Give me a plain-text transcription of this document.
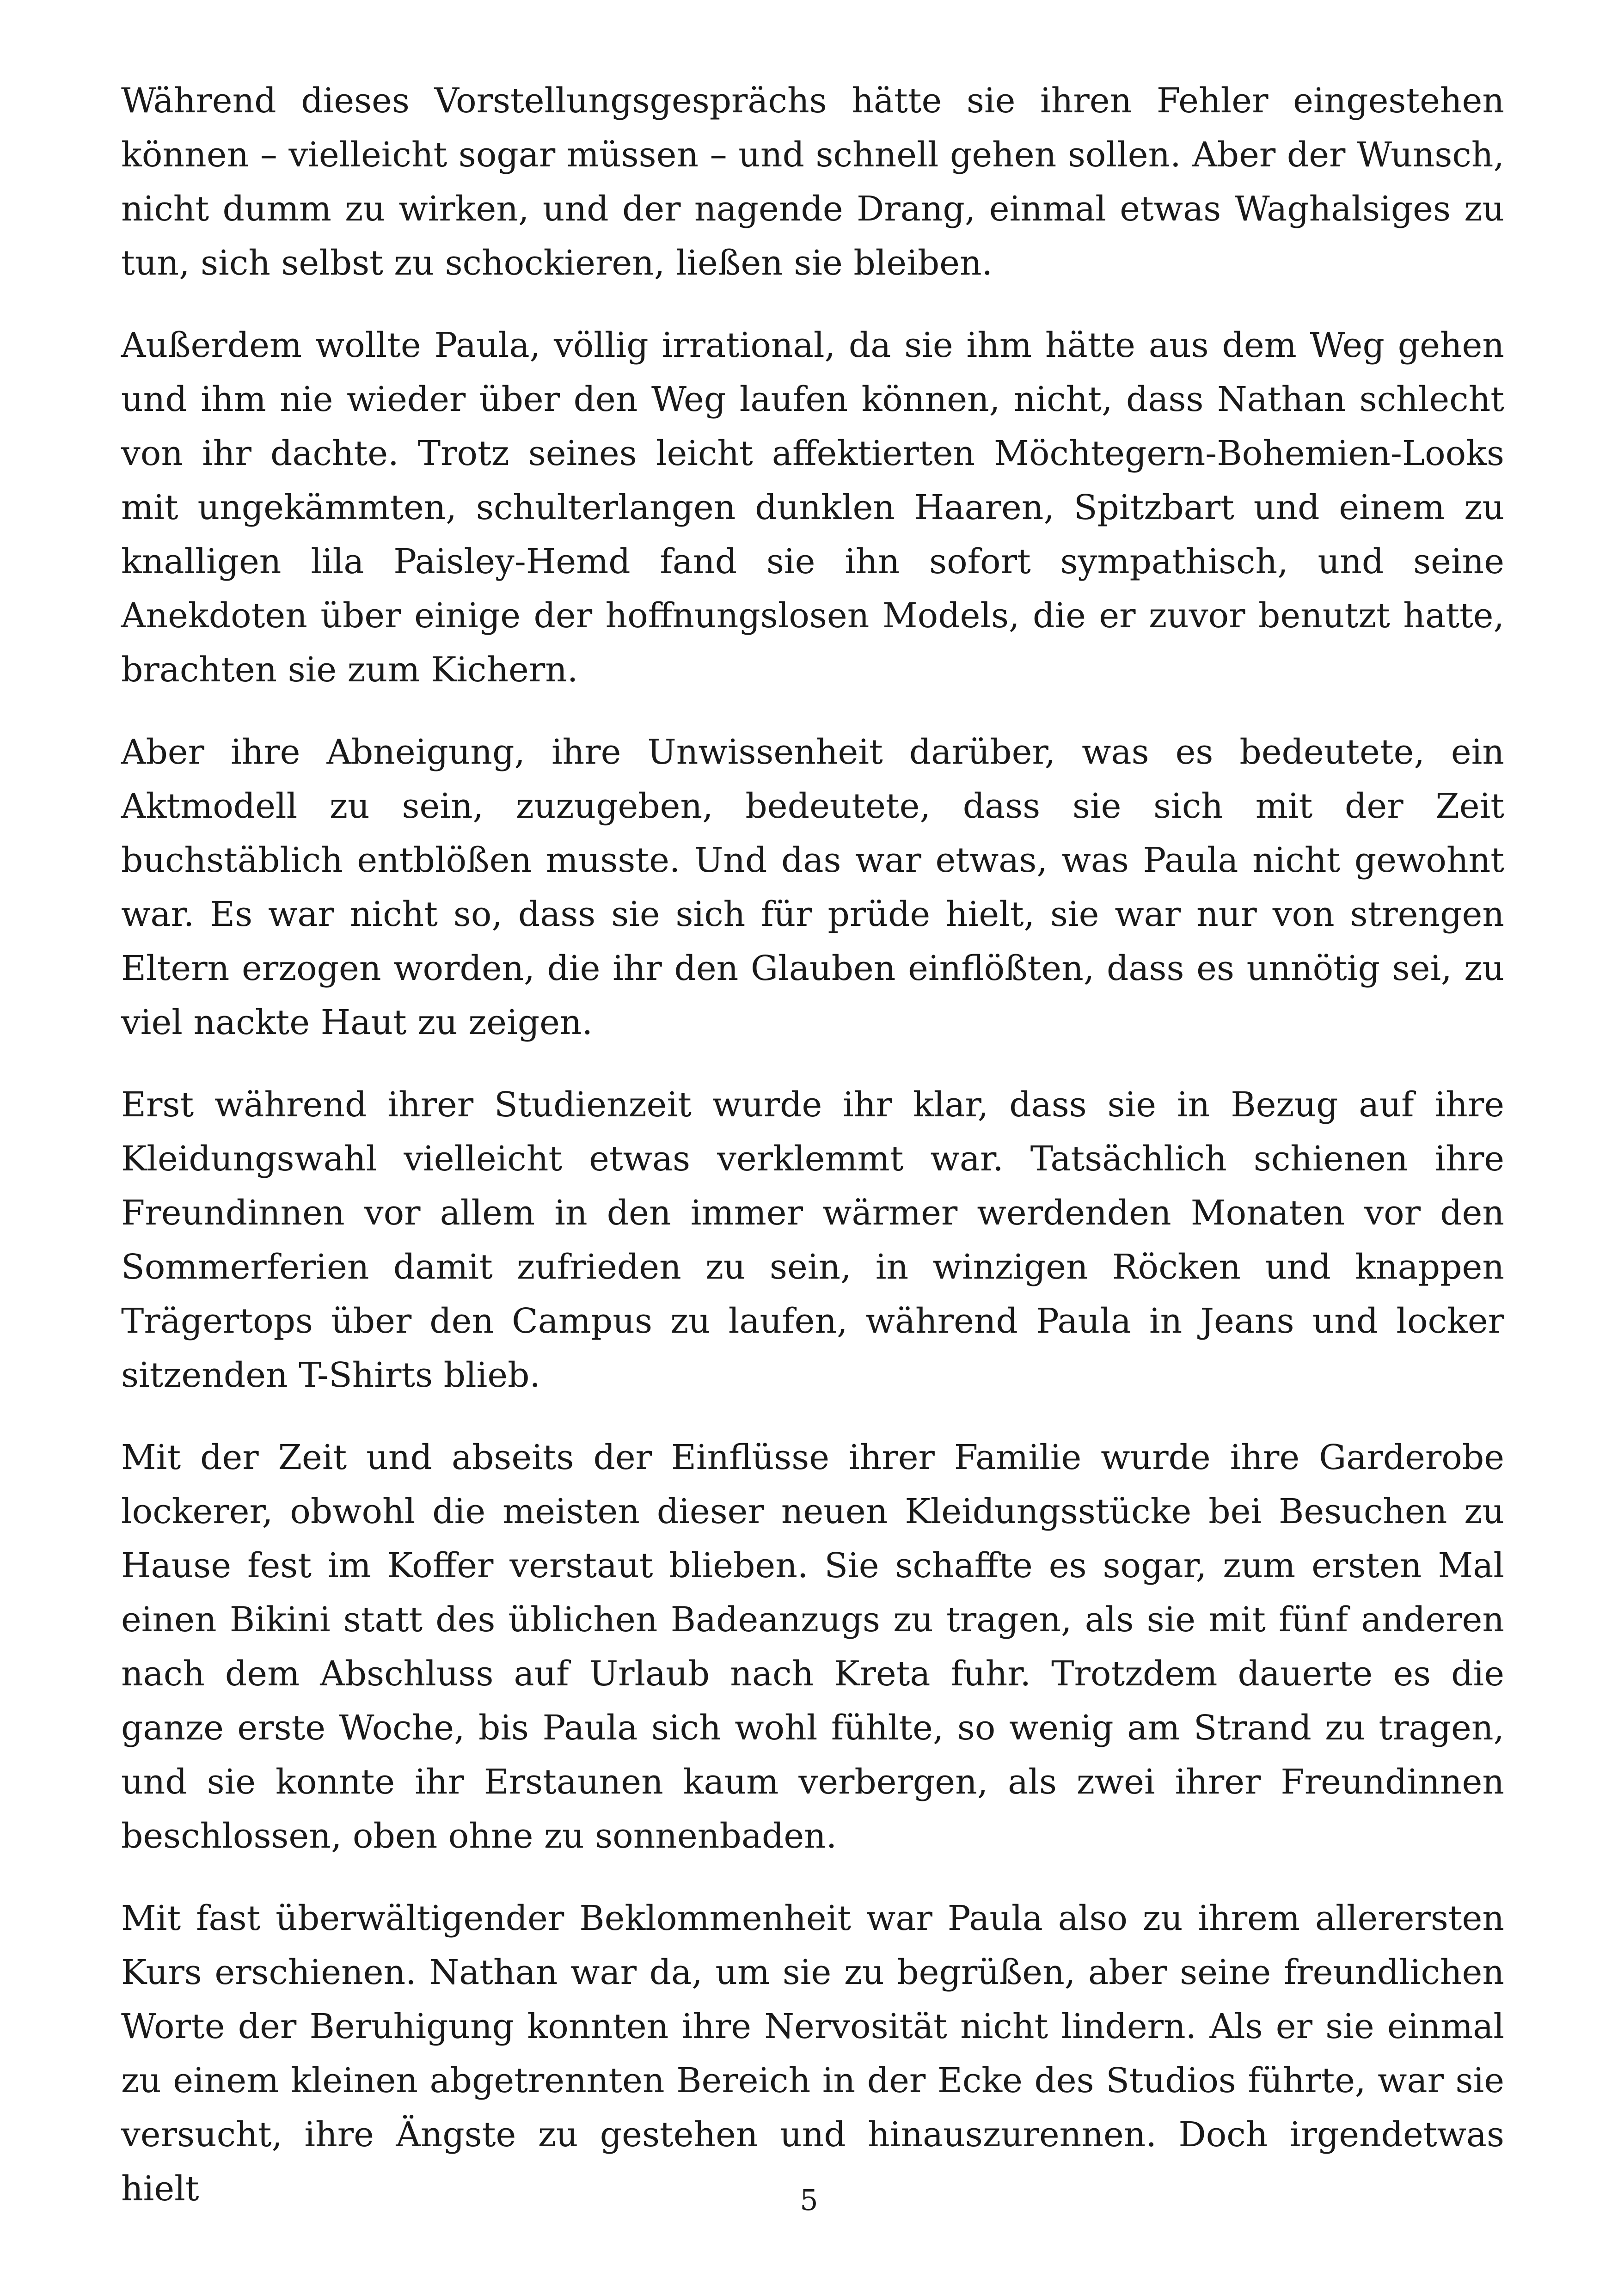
Während dieses Vorstellungsgesprächs hätte sie ihren Fehler eingestehen können – vielleicht sogar müssen – und schnell gehen sollen. Aber der Wunsch, nicht dumm zu wirken, und der nagende Drang, einmal etwas Waghalsiges zu tun, sich selbst zu schockieren, ließen sie bleiben.

Außerdem wollte Paula, völlig irrational, da sie ihm hätte aus dem Weg gehen und ihm nie wieder über den Weg laufen können, nicht, dass Nathan schlecht von ihr dachte. Trotz seines leicht affektierten Möchtegern-Bohemien-Looks mit ungekämmten, schulterlangen dunklen Haaren, Spitzbart und einem zu knalligen lila Paisley-Hemd fand sie ihn sofort sympathisch, und seine Anekdoten über einige der hoffnungslosen Models, die er zuvor benutzt hatte, brachten sie zum Kichern.

Aber ihre Abneigung, ihre Unwissenheit darüber, was es bedeutete, ein Aktmodell zu sein, zuzugeben, bedeutete, dass sie sich mit der Zeit buchstäblich entblößen musste. Und das war etwas, was Paula nicht gewohnt war. Es war nicht so, dass sie sich für prüde hielt, sie war nur von strengen Eltern erzogen worden, die ihr den Glauben einflößten, dass es unnötig sei, zu viel nackte Haut zu zeigen.

Erst während ihrer Studienzeit wurde ihr klar, dass sie in Bezug auf ihre Kleidungswahl vielleicht etwas verklemmt war. Tatsächlich schienen ihre Freundinnen vor allem in den immer wärmer werdenden Monaten vor den Sommerferien damit zufrieden zu sein, in winzigen Röcken und knappen Trägertops über den Campus zu laufen, während Paula in Jeans und locker sitzenden T-Shirts blieb.

Mit der Zeit und abseits der Einflüsse ihrer Familie wurde ihre Garderobe lockerer, obwohl die meisten dieser neuen Kleidungsstücke bei Besuchen zu Hause fest im Koffer verstaut blieben. Sie schaffte es sogar, zum ersten Mal einen Bikini statt des üblichen Badeanzugs zu tragen, als sie mit fünf anderen nach dem Abschluss auf Urlaub nach Kreta fuhr. Trotzdem dauerte es die ganze erste Woche, bis Paula sich wohl fühlte, so wenig am Strand zu tragen, und sie konnte ihr Erstaunen kaum verbergen, als zwei ihrer Freundinnen beschlossen, oben ohne zu sonnenbaden.

Mit fast überwältigender Beklommenheit war Paula also zu ihrem allerersten Kurs erschienen. Nathan war da, um sie zu begrüßen, aber seine freundlichen Worte der Beruhigung konnten ihre Nervosität nicht lindern. Als er sie einmal zu einem kleinen abgetrennten Bereich in der Ecke des Studios führte, war sie versucht, ihre Ängste zu gestehen und hinauszurennen. Doch irgendetwas hielt	5
